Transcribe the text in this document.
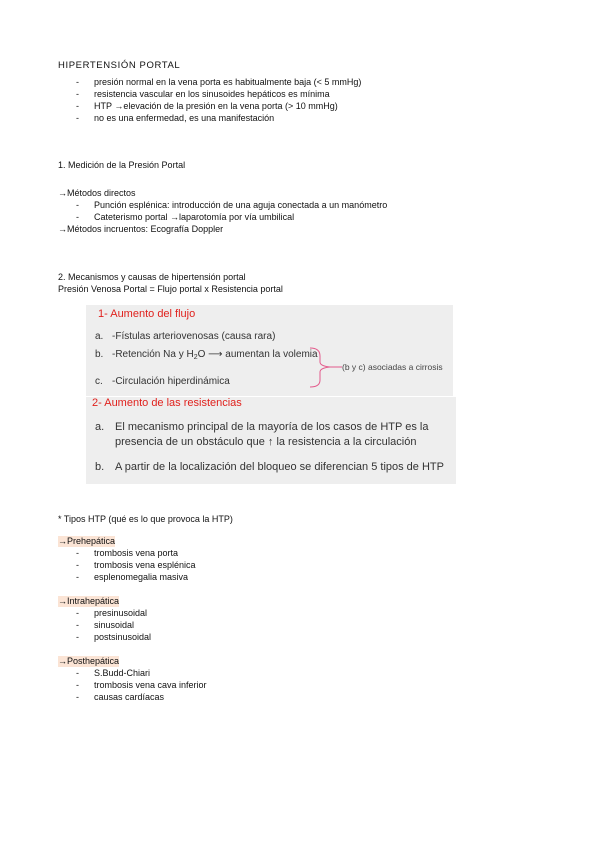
HIPERTENSIÓN PORTAL
- presión normal en la vena porta es habitualmente baja (< 5 mmHg)
- resistencia vascular en los sinusoides hepáticos es mínima
- HTP →elevación de la presión en la vena porta (> 10 mmHg)
- no es una enfermedad, es una manifestación
1. Medición de la Presión Portal
→Métodos directos
- Punción esplénica: introducción de una aguja conectada a un manómetro
- Cateterismo portal →laparotomía por vía umbilical
→Métodos incruentos: Ecografía Doppler
2. Mecanismos y causas de hipertensión portal
Presión Venosa Portal = Flujo portal x Resistencia portal
1- Aumento del flujo
a. -Fístulas arteriovenosas (causa rara)
b. -Retención Na y $H_2O$ ⟶ aumentan la volemia
c. -Circulación hiperdinámica
(b y c) asociadas a cirrosis
2- Aumento de las resistencias
a. El mecanismo principal de la mayoría de los casos de HTP es la
presencia de un obstáculo que ↑ la resistencia a la circulación
b. A partir de la localización del bloqueo se diferencian 5 tipos de HTP
* Tipos HTP (qué es lo que provoca la HTP)
→Prehepática
- trombosis vena porta
- trombosis vena esplénica
- esplenomegalia masiva
→Intrahepática
- presinusoidal
- sinusoidal
- postsinusoidal
→Posthepática
- S.Budd-Chiari
- trombosis vena cava inferior
- causas cardíacas
